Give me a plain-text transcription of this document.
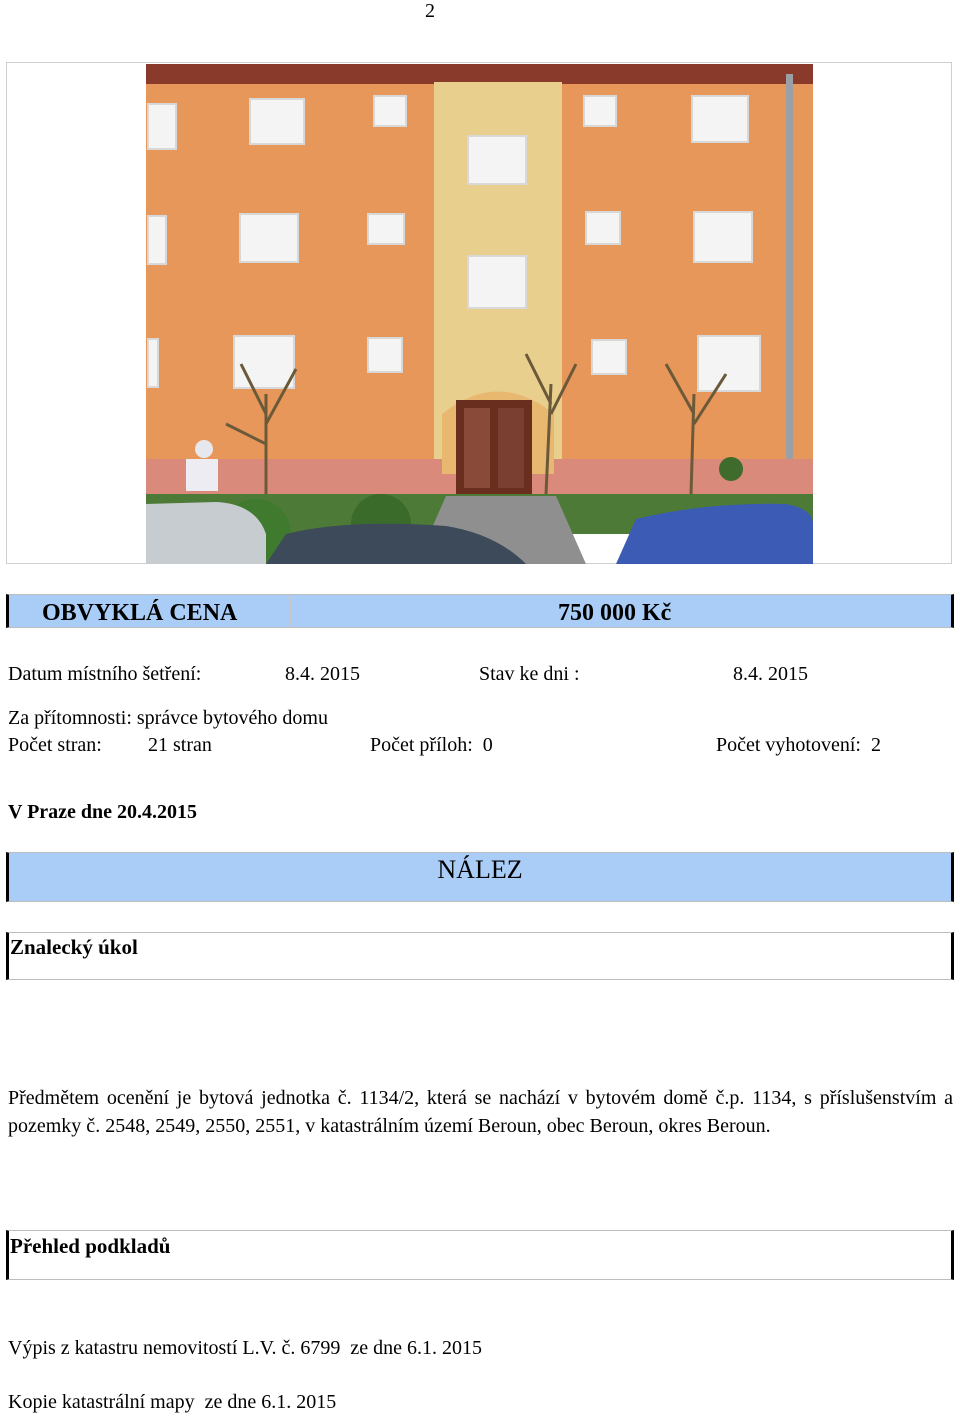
2
OBVYKLÁ CENA	750 000 Kč
Datum místního šetření:	8.4. 2015	Stav ke dni :	8.4. 2015
Za přítomnosti: správce bytového domu
Počet stran: 21 stran	Počet příloh:  0	Počet vyhotovení:  2
V Praze dne 20.4.2015
NÁLEZ
Znalecký úkol
Předmětem ocenění je bytová jednotka č. 1134/2, která se nachází v bytovém domě č.p. 1134, s příslušenstvím a pozemky č. 2548, 2549, 2550, 2551, v katastrálním území Beroun, obec Beroun, okres Beroun.
Přehled podkladů
Výpis z katastru nemovitostí L.V. č. 6799  ze dne 6.1. 2015
Kopie katastrální mapy  ze dne 6.1. 2015
